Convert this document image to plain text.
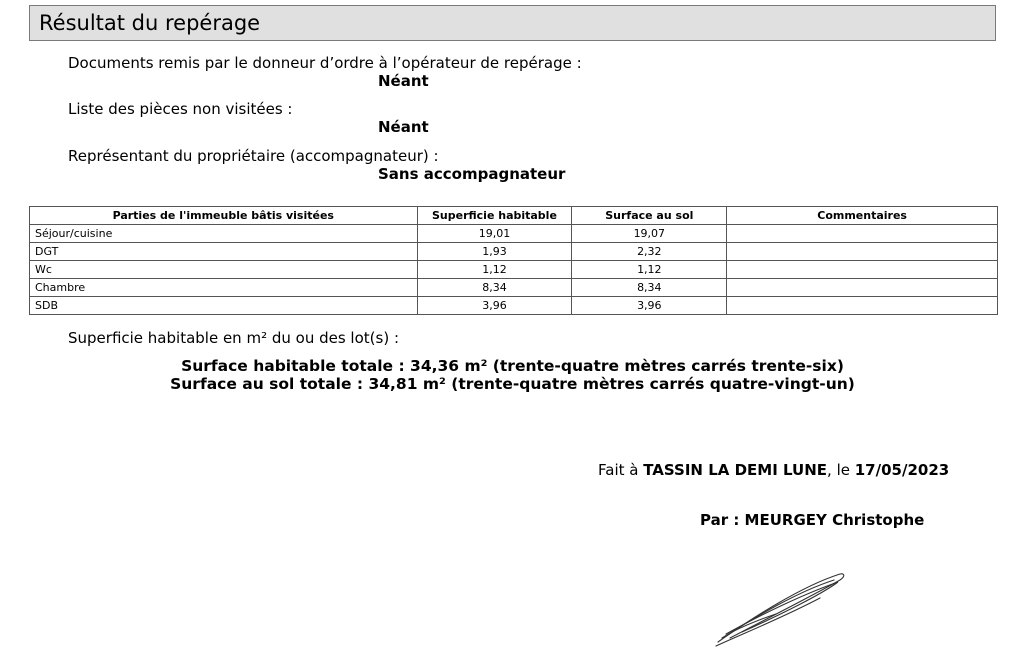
Résultat du repérage
Documents remis par le donneur d’ordre à l’opérateur de repérage :
Néant
Liste des pièces non visitées :
Néant
Représentant du propriétaire (accompagnateur) :
Sans accompagnateur
Parties de l'immeuble bâtis visitées	Superficie habitable	Surface au sol	Commentaires
Séjour/cuisine	19,01	19,07	
DGT	1,93	2,32	
Wc	1,12	1,12	
Chambre	8,34	8,34	
SDB	3,96	3,96	
Superficie habitable en m² du ou des lot(s) :
Surface habitable totale : 34,36 m² (trente-quatre mètres carrés trente-six)
Surface au sol totale : 34,81 m² (trente-quatre mètres carrés quatre-vingt-un)
Fait à TASSIN LA DEMI LUNE, le 17/05/2023
Par : MEURGEY Christophe
